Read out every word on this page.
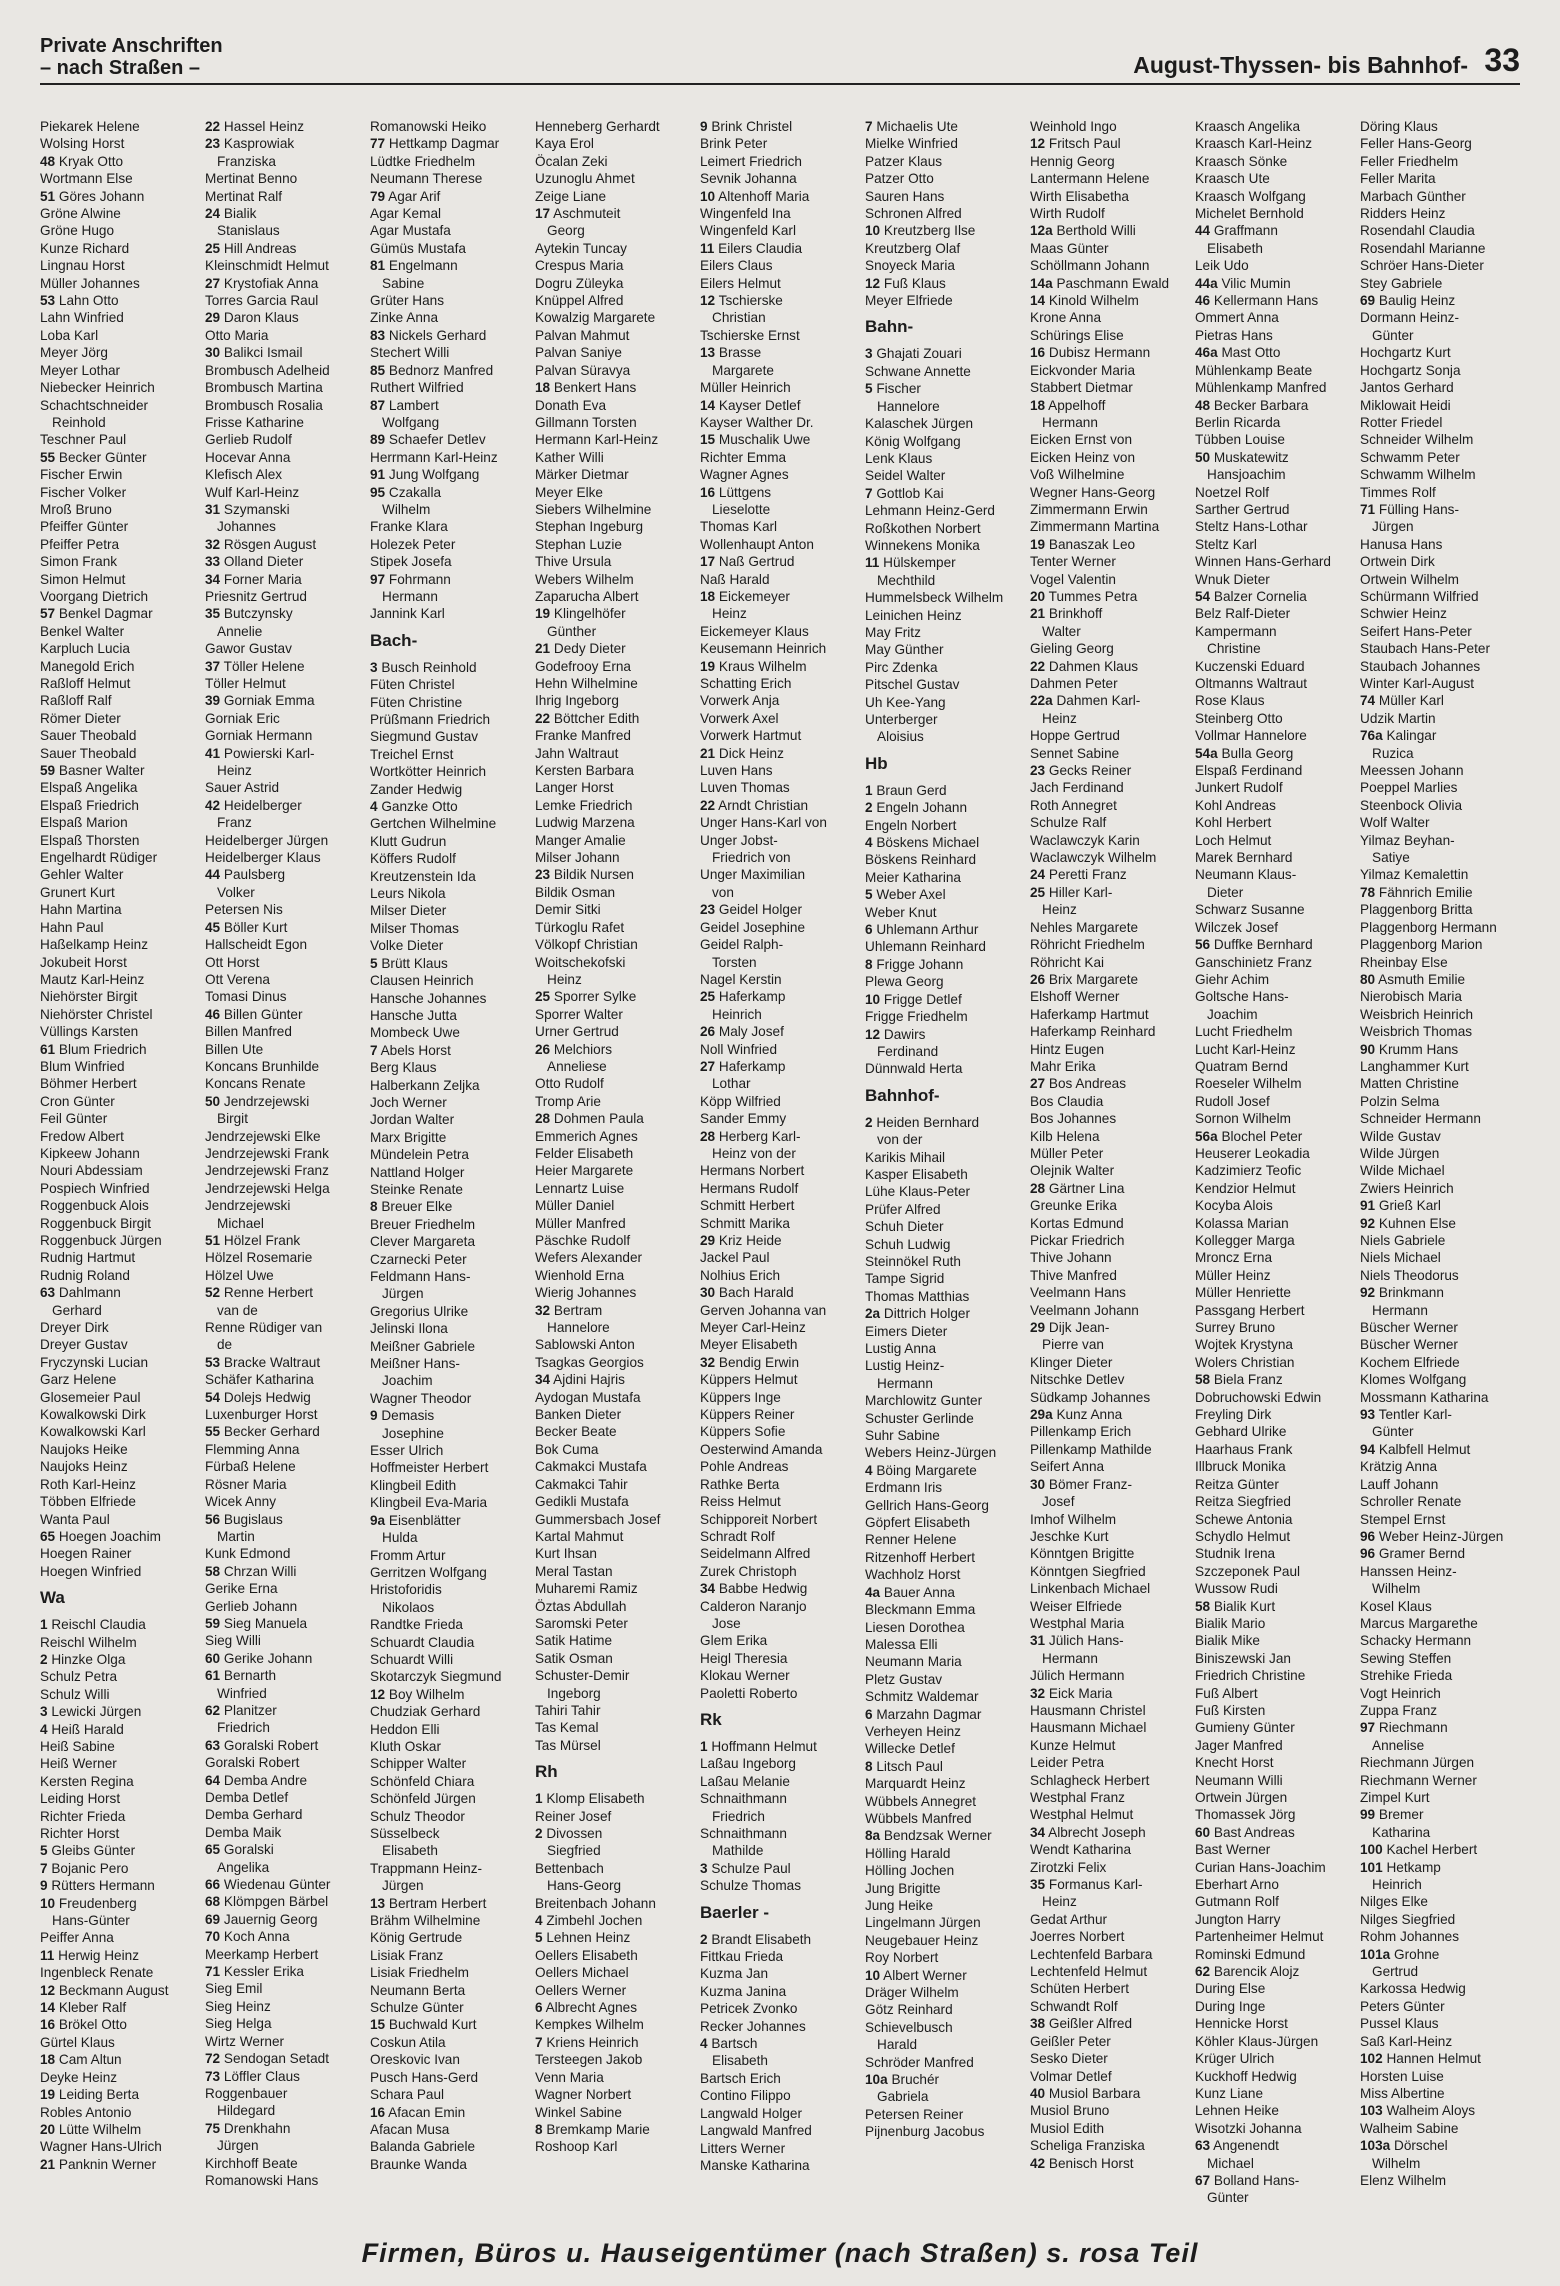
Private Anschriften
– nach Straßen –	August-Thyssen- bis Bahnhof- 33
Piekarek Helene
Wolsing Horst
48 Kryak Otto
Wortmann Else
51 Göres Johann
Gröne Alwine
Gröne Hugo
Kunze Richard
Lingnau Horst
Müller Johannes
53 Lahn Otto
Lahn Winfried
Loba Karl
Meyer Jörg
Meyer Lothar
Niebecker Heinrich
Schachtschneider
Reinhold
Teschner Paul
55 Becker Günter
Fischer Erwin
Fischer Volker
Mroß Bruno
Pfeiffer Günter
Pfeiffer Petra
Simon Frank
Simon Helmut
Voorgang Dietrich
57 Benkel Dagmar
Benkel Walter
Karpluch Lucia
Manegold Erich
Raßloff Helmut
Raßloff Ralf
Römer Dieter
Sauer Theobald
Sauer Theobald
59 Basner Walter
Elspaß Angelika
Elspaß Friedrich
Elspaß Marion
Elspaß Thorsten
Engelhardt Rüdiger
Gehler Walter
Grunert Kurt
Hahn Martina
Hahn Paul
Haßelkamp Heinz
Jokubeit Horst
Mautz Karl-Heinz
Niehörster Birgit
Niehörster Christel
Vüllings Karsten
61 Blum Friedrich
Blum Winfried
Böhmer Herbert
Cron Günter
Feil Günter
Fredow Albert
Kipkeew Johann
Nouri Abdessiam
Pospiech Winfried
Roggenbuck Alois
Roggenbuck Birgit
Roggenbuck Jürgen
Rudnig Hartmut
Rudnig Roland
63 Dahlmann
Gerhard
Dreyer Dirk
Dreyer Gustav
Fryczynski Lucian
Garz Helene
Glosemeier Paul
Kowalkowski Dirk
Kowalkowski Karl
Naujoks Heike
Naujoks Heinz
Roth Karl-Heinz
Többen Elfriede
Wanta Paul
65 Hoegen Joachim
Hoegen Rainer
Hoegen Winfried
Wa
1 Reischl Claudia
Reischl Wilhelm
2 Hinzke Olga
Schulz Petra
Schulz Willi
3 Lewicki Jürgen
4 Heiß Harald
Heiß Sabine
Heiß Werner
Kersten Regina
Leiding Horst
Richter Frieda
Richter Horst
5 Gleibs Günter
7 Bojanic Pero
9 Rütters Hermann
10 Freudenberg
Hans-Günter
Peiffer Anna
11 Herwig Heinz
Ingenbleck Renate
12 Beckmann August
14 Kleber Ralf
16 Brökel Otto
Gürtel Klaus
18 Cam Altun
Deyke Heinz
19 Leiding Berta
Robles Antonio
20 Lütte Wilhelm
Wagner Hans-Ulrich
21 Panknin Werner
22 Hassel Heinz
23 Kasprowiak
Franziska
Mertinat Benno
Mertinat Ralf
24 Bialik
Stanislaus
25 Hill Andreas
Kleinschmidt Helmut
27 Krystofiak Anna
Torres Garcia Raul
29 Daron Klaus
Otto Maria
30 Balikci Ismail
Brombusch Adelheid
Brombusch Martina
Brombusch Rosalia
Frisse Katharine
Gerlieb Rudolf
Hocevar Anna
Klefisch Alex
Wulf Karl-Heinz
31 Szymanski
Johannes
32 Rösgen August
33 Olland Dieter
34 Forner Maria
Priesnitz Gertrud
35 Butczynsky
Annelie
Gawor Gustav
37 Töller Helene
Töller Helmut
39 Gorniak Emma
Gorniak Eric
Gorniak Hermann
41 Powierski Karl-
Heinz
Sauer Astrid
42 Heidelberger
Franz
Heidelberger Jürgen
Heidelberger Klaus
44 Paulsberg
Volker
Petersen Nis
45 Böller Kurt
Hallscheidt Egon
Ott Horst
Ott Verena
Tomasi Dinus
46 Billen Günter
Billen Manfred
Billen Ute
Koncans Brunhilde
Koncans Renate
50 Jendrzejewski
Birgit
Jendrzejewski Elke
Jendrzejewski Frank
Jendrzejewski Franz
Jendrzejewski Helga
Jendrzejewski
Michael
51 Hölzel Frank
Hölzel Rosemarie
Hölzel Uwe
52 Renne Herbert
van de
Renne Rüdiger van
de
53 Bracke Waltraut
Schäfer Katharina
54 Dolejs Hedwig
Luxenburger Horst
55 Becker Gerhard
Flemming Anna
Fürbaß Helene
Rösner Maria
Wicek Anny
56 Bugislaus
Martin
Kunk Edmond
58 Chrzan Willi
Gerike Erna
Gerlieb Johann
59 Sieg Manuela
Sieg Willi
60 Gerike Johann
61 Bernarth
Winfried
62 Planitzer
Friedrich
63 Goralski Robert
Goralski Robert
64 Demba Andre
Demba Detlef
Demba Gerhard
Demba Maik
65 Goralski
Angelika
66 Wiedenau Günter
68 Klömpgen Bärbel
69 Jauernig Georg
70 Koch Anna
Meerkamp Herbert
71 Kessler Erika
Sieg Emil
Sieg Heinz
Sieg Helga
Wirtz Werner
72 Sendogan Setadt
73 Löffler Claus
Roggenbauer
Hildegard
75 Drenkhahn
Jürgen
Kirchhoff Beate
Romanowski Hans
Romanowski Heiko
77 Hettkamp Dagmar
Lüdtke Friedhelm
Neumann Therese
79 Agar Arif
Agar Kemal
Agar Mustafa
Gümüs Mustafa
81 Engelmann
Sabine
Grüter Hans
Zinke Anna
83 Nickels Gerhard
Stechert Willi
85 Bednorz Manfred
Ruthert Wilfried
87 Lambert
Wolfgang
89 Schaefer Detlev
Herrmann Karl-Heinz
91 Jung Wolfgang
95 Czakalla
Wilhelm
Franke Klara
Holezek Peter
Stipek Josefa
97 Fohrmann
Hermann
Jannink Karl
Bach-
3 Busch Reinhold
Füten Christel
Füten Christine
Prüßmann Friedrich
Siegmund Gustav
Treichel Ernst
Wortkötter Heinrich
Zander Hedwig
4 Ganzke Otto
Gertchen Wilhelmine
Klutt Gudrun
Köffers Rudolf
Kreutzenstein Ida
Leurs Nikola
Milser Dieter
Milser Thomas
Volke Dieter
5 Brütt Klaus
Clausen Heinrich
Hansche Johannes
Hansche Jutta
Mombeck Uwe
7 Abels Horst
Berg Klaus
Halberkann Zeljka
Joch Werner
Jordan Walter
Marx Brigitte
Mündelein Petra
Nattland Holger
Steinke Renate
8 Breuer Elke
Breuer Friedhelm
Clever Margareta
Czarnecki Peter
Feldmann Hans-
Jürgen
Gregorius Ulrike
Jelinski Ilona
Meißner Gabriele
Meißner Hans-
Joachim
Wagner Theodor
9 Demasis
Josephine
Esser Ulrich
Hoffmeister Herbert
Klingbeil Edith
Klingbeil Eva-Maria
9a Eisenblätter
Hulda
Fromm Artur
Gerritzen Wolfgang
Hristoforidis
Nikolaos
Randtke Frieda
Schuardt Claudia
Schuardt Willi
Skotarczyk Siegmund
12 Boy Wilhelm
Chudziak Gerhard
Heddon Elli
Kluth Oskar
Schipper Walter
Schönfeld Chiara
Schönfeld Jürgen
Schulz Theodor
Süsselbeck
Elisabeth
Trappmann Heinz-
Jürgen
13 Bertram Herbert
Brähm Wilhelmine
König Gertrude
Lisiak Franz
Lisiak Friedhelm
Neumann Berta
Schulze Günter
15 Buchwald Kurt
Coskun Atila
Oreskovic Ivan
Pusch Hans-Gerd
Schara Paul
16 Afacan Emin
Afacan Musa
Balanda Gabriele
Braunke Wanda
Henneberg Gerhardt
Kaya Erol
Öcalan Zeki
Uzunoglu Ahmet
Zeige Liane
17 Aschmuteit
Georg
Aytekin Tuncay
Crespus Maria
Dogru Züleyka
Knüppel Alfred
Kowalzig Margarete
Palvan Mahmut
Palvan Saniye
Palvan Süravya
18 Benkert Hans
Donath Eva
Gillmann Torsten
Hermann Karl-Heinz
Kather Willi
Märker Dietmar
Meyer Elke
Siebers Wilhelmine
Stephan Ingeburg
Stephan Luzie
Thive Ursula
Webers Wilhelm
Zaparucha Albert
19 Klingelhöfer
Günther
21 Dedy Dieter
Godefrooy Erna
Hehn Wilhelmine
Ihrig Ingeborg
22 Böttcher Edith
Franke Manfred
Jahn Waltraut
Kersten Barbara
Langer Horst
Lemke Friedrich
Ludwig Marzena
Manger Amalie
Milser Johann
23 Bildik Nursen
Bildik Osman
Demir Sitki
Türkoglu Rafet
Völkopf Christian
Woitschekofski
Heinz
25 Sporrer Sylke
Sporrer Walter
Urner Gertrud
26 Melchiors
Anneliese
Otto Rudolf
Tromp Arie
28 Dohmen Paula
Emmerich Agnes
Felder Elisabeth
Heier Margarete
Lennartz Luise
Müller Daniel
Müller Manfred
Päschke Rudolf
Wefers Alexander
Wienhold Erna
Wierig Johannes
32 Bertram
Hannelore
Sablowski Anton
Tsagkas Georgios
34 Ajdini Hajris
Aydogan Mustafa
Banken Dieter
Becker Beate
Bok Cuma
Cakmakci Mustafa
Cakmakci Tahir
Gedikli Mustafa
Gummersbach Josef
Kartal Mahmut
Kurt Ihsan
Meral Tastan
Muharemi Ramiz
Öztas Abdullah
Saromski Peter
Satik Hatime
Satik Osman
Schuster-Demir
Ingeborg
Tahiri Tahir
Tas Kemal
Tas Mürsel
Rh
1 Klomp Elisabeth
Reiner Josef
2 Divossen
Siegfried
Bettenbach
Hans-Georg
Breitenbach Johann
4 Zimbehl Jochen
5 Lehnen Heinz
Oellers Elisabeth
Oellers Michael
Oellers Werner
6 Albrecht Agnes
Kempkes Wilhelm
7 Kriens Heinrich
Tersteegen Jakob
Venn Maria
Wagner Norbert
Winkel Sabine
8 Bremkamp Marie
Roshoop Karl
9 Brink Christel
Brink Peter
Leimert Friedrich
Sevnik Johanna
10 Altenhoff Maria
Wingenfeld Ina
Wingenfeld Karl
11 Eilers Claudia
Eilers Claus
Eilers Helmut
12 Tschierske
Christian
Tschierske Ernst
13 Brasse
Margarete
Müller Heinrich
14 Kayser Detlef
Kayser Walther Dr.
15 Muschalik Uwe
Richter Emma
Wagner Agnes
16 Lüttgens
Lieselotte
Thomas Karl
Wollenhaupt Anton
17 Naß Gertrud
Naß Harald
18 Eickemeyer
Heinz
Eickemeyer Klaus
Keusemann Heinrich
19 Kraus Wilhelm
Schatting Erich
Vorwerk Anja
Vorwerk Axel
Vorwerk Hartmut
21 Dick Heinz
Luven Hans
Luven Thomas
22 Arndt Christian
Unger Hans-Karl von
Unger Jobst-
Friedrich von
Unger Maximilian
von
23 Geidel Holger
Geidel Josephine
Geidel Ralph-
Torsten
Nagel Kerstin
25 Haferkamp
Heinrich
26 Maly Josef
Noll Winfried
27 Haferkamp
Lothar
Köpp Wilfried
Sander Emmy
28 Herberg Karl-
Heinz von der
Hermans Norbert
Hermans Rudolf
Schmitt Herbert
Schmitt Marika
29 Kriz Heide
Jackel Paul
Nolhius Erich
30 Bach Harald
Gerven Johanna van
Meyer Carl-Heinz
Meyer Elisabeth
32 Bendig Erwin
Küppers Helmut
Küppers Inge
Küppers Reiner
Küppers Sofie
Oesterwind Amanda
Pohle Andreas
Rathke Berta
Reiss Helmut
Schipporeit Norbert
Schradt Rolf
Seidelmann Alfred
Zurek Christoph
34 Babbe Hedwig
Calderon Naranjo
Jose
Glem Erika
Heigl Theresia
Klokau Werner
Paoletti Roberto
Rk
1 Hoffmann Helmut
Laßau Ingeborg
Laßau Melanie
Schnaithmann
Friedrich
Schnaithmann
Mathilde
3 Schulze Paul
Schulze Thomas
Baerler -
2 Brandt Elisabeth
Fittkau Frieda
Kuzma Jan
Kuzma Janina
Petricek Zvonko
Recker Johannes
4 Bartsch
Elisabeth
Bartsch Erich
Contino Filippo
Langwald Holger
Langwald Manfred
Litters Werner
Manske Katharina
7 Michaelis Ute
Mielke Winfried
Patzer Klaus
Patzer Otto
Sauren Hans
Schronen Alfred
10 Kreutzberg Ilse
Kreutzberg Olaf
Snoyeck Maria
12 Fuß Klaus
Meyer Elfriede
Bahn-
3 Ghajati Zouari
Schwane Annette
5 Fischer
Hannelore
Kalaschek Jürgen
König Wolfgang
Lenk Klaus
Seidel Walter
7 Gottlob Kai
Lehmann Heinz-Gerd
Roßkothen Norbert
Winnekens Monika
11 Hülskemper
Mechthild
Hummelsbeck Wilhelm
Leinichen Heinz
May Fritz
May Günther
Pirc Zdenka
Pitschel Gustav
Uh Kee-Yang
Unterberger
Aloisius
Hb
1 Braun Gerd
2 Engeln Johann
Engeln Norbert
4 Böskens Michael
Böskens Reinhard
Meier Katharina
5 Weber Axel
Weber Knut
6 Uhlemann Arthur
Uhlemann Reinhard
8 Frigge Johann
Plewa Georg
10 Frigge Detlef
Frigge Friedhelm
12 Dawirs
Ferdinand
Dünnwald Herta
Bahnhof-
2 Heiden Bernhard
von der
Karikis Mihail
Kasper Elisabeth
Lühe Klaus-Peter
Prüfer Alfred
Schuh Dieter
Schuh Ludwig
Steinnökel Ruth
Tampe Sigrid
Thomas Matthias
2a Dittrich Holger
Eimers Dieter
Lustig Anna
Lustig Heinz-
Hermann
Marchlowitz Gunter
Schuster Gerlinde
Suhr Sabine
Webers Heinz-Jürgen
4 Böing Margarete
Erdmann Iris
Gellrich Hans-Georg
Göpfert Elisabeth
Renner Helene
Ritzenhoff Herbert
Wachholz Horst
4a Bauer Anna
Bleckmann Emma
Liesen Dorothea
Malessa Elli
Neumann Maria
Pletz Gustav
Schmitz Waldemar
6 Marzahn Dagmar
Verheyen Heinz
Willecke Detlef
8 Litsch Paul
Marquardt Heinz
Wübbels Annegret
Wübbels Manfred
8a Bendzsak Werner
Hölling Harald
Hölling Jochen
Jung Brigitte
Jung Heike
Lingelmann Jürgen
Neugebauer Heinz
Roy Norbert
10 Albert Werner
Dräger Wilhelm
Götz Reinhard
Schievelbusch
Harald
Schröder Manfred
10a Bruchér
Gabriela
Petersen Reiner
Pijnenburg Jacobus
Weinhold Ingo
12 Fritsch Paul
Hennig Georg
Lantermann Helene
Wirth Elisabetha
Wirth Rudolf
12a Berthold Willi
Maas Günter
Schöllmann Johann
14a Paschmann Ewald
14 Kinold Wilhelm
Krone Anna
Schürings Elise
16 Dubisz Hermann
Eickvonder Maria
Stabbert Dietmar
18 Appelhoff
Hermann
Eicken Ernst von
Eicken Heinz von
Voß Wilhelmine
Wegner Hans-Georg
Zimmermann Erwin
Zimmermann Martina
19 Banaszak Leo
Tenter Werner
Vogel Valentin
20 Tummes Petra
21 Brinkhoff
Walter
Gieling Georg
22 Dahmen Klaus
Dahmen Peter
22a Dahmen Karl-
Heinz
Hoppe Gertrud
Sennet Sabine
23 Gecks Reiner
Jach Ferdinand
Roth Annegret
Schulze Ralf
Waclawczyk Karin
Waclawczyk Wilhelm
24 Peretti Franz
25 Hiller Karl-
Heinz
Nehles Margarete
Röhricht Friedhelm
Röhricht Kai
26 Brix Margarete
Elshoff Werner
Haferkamp Hartmut
Haferkamp Reinhard
Hintz Eugen
Mahr Erika
27 Bos Andreas
Bos Claudia
Bos Johannes
Kilb Helena
Müller Peter
Olejnik Walter
28 Gärtner Lina
Greunke Erika
Kortas Edmund
Pickar Friedrich
Thive Johann
Thive Manfred
Veelmann Hans
Veelmann Johann
29 Dijk Jean-
Pierre van
Klinger Dieter
Nitschke Detlev
Südkamp Johannes
29a Kunz Anna
Pillenkamp Erich
Pillenkamp Mathilde
Seifert Anna
30 Bömer Franz-
Josef
Imhof Wilhelm
Jeschke Kurt
Könntgen Brigitte
Könntgen Siegfried
Linkenbach Michael
Weiser Elfriede
Westphal Maria
31 Jülich Hans-
Hermann
Jülich Hermann
32 Eick Maria
Hausmann Christel
Hausmann Michael
Kunze Helmut
Leider Petra
Schlagheck Herbert
Westphal Franz
Westphal Helmut
34 Albrecht Joseph
Wendt Katharina
Zirotzki Felix
35 Formanus Karl-
Heinz
Gedat Arthur
Joerres Norbert
Lechtenfeld Barbara
Lechtenfeld Helmut
Schüten Herbert
Schwandt Rolf
38 Geißler Alfred
Geißler Peter
Sesko Dieter
Volmar Detlef
40 Musiol Barbara
Musiol Bruno
Musiol Edith
Scheliga Franziska
42 Benisch Horst
Kraasch Angelika
Kraasch Karl-Heinz
Kraasch Sönke
Kraasch Ute
Kraasch Wolfgang
Michelet Bernhold
44 Graffmann
Elisabeth
Leik Udo
44a Vilic Mumin
46 Kellermann Hans
Ommert Anna
Pietras Hans
46a Mast Otto
Mühlenkamp Beate
Mühlenkamp Manfred
48 Becker Barbara
Berlin Ricarda
Tübben Louise
50 Muskatewitz
Hansjoachim
Noetzel Rolf
Sarther Gertrud
Steltz Hans-Lothar
Steltz Karl
Winnen Hans-Gerhard
Wnuk Dieter
54 Balzer Cornelia
Belz Ralf-Dieter
Kampermann
Christine
Kuczenski Eduard
Oltmanns Waltraut
Rose Klaus
Steinberg Otto
Vollmar Hannelore
54a Bulla Georg
Elspaß Ferdinand
Junkert Rudolf
Kohl Andreas
Kohl Herbert
Loch Helmut
Marek Bernhard
Neumann Klaus-
Dieter
Schwarz Susanne
Wilczek Josef
56 Duffke Bernhard
Ganschinietz Franz
Giehr Achim
Goltsche Hans-
Joachim
Lucht Friedhelm
Lucht Karl-Heinz
Quatram Bernd
Roeseler Wilhelm
Rudoll Josef
Sornon Wilhelm
56a Blochel Peter
Heuserer Leokadia
Kadzimierz Teofic
Kendzior Helmut
Kocyba Alois
Kolassa Marian
Kollegger Marga
Mroncz Erna
Müller Heinz
Müller Henriette
Passgang Herbert
Surrey Bruno
Wojtek Krystyna
Wolers Christian
58 Biela Franz
Dobruchowski Edwin
Freyling Dirk
Gebhard Ulrike
Haarhaus Frank
Illbruck Monika
Reitza Günter
Reitza Siegfried
Schewe Antonia
Schydlo Helmut
Studnik Irena
Szczeponek Paul
Wussow Rudi
58 Bialik Kurt
Bialik Mario
Bialik Mike
Biniszewski Jan
Friedrich Christine
Fuß Albert
Fuß Kirsten
Gumieny Günter
Jager Manfred
Knecht Horst
Neumann Willi
Ortwein Jürgen
Thomassek Jörg
60 Bast Andreas
Bast Werner
Curian Hans-Joachim
Eberhart Arno
Gutmann Rolf
Jungton Harry
Partenheimer Helmut
Rominski Edmund
62 Barencik Alojz
During Else
During Inge
Hennicke Horst
Köhler Klaus-Jürgen
Krüger Ulrich
Kuckhoff Hedwig
Kunz Liane
Lehnen Heike
Wisotzki Johanna
63 Angenendt
Michael
67 Bolland Hans-
Günter
Döring Klaus
Feller Hans-Georg
Feller Friedhelm
Feller Marita
Marbach Günther
Ridders Heinz
Rosendahl Claudia
Rosendahl Marianne
Schröer Hans-Dieter
Stey Gabriele
69 Baulig Heinz
Dormann Heinz-
Günter
Hochgartz Kurt
Hochgartz Sonja
Jantos Gerhard
Miklowait Heidi
Rotter Friedel
Schneider Wilhelm
Schwamm Peter
Schwamm Wilhelm
Timmes Rolf
71 Fülling Hans-
Jürgen
Hanusa Hans
Ortwein Dirk
Ortwein Wilhelm
Schürmann Wilfried
Schwier Heinz
Seifert Hans-Peter
Staubach Hans-Peter
Staubach Johannes
Winter Karl-August
74 Müller Karl
Udzik Martin
76a Kalingar
Ruzica
Meessen Johann
Poeppel Marlies
Steenbock Olivia
Wolf Walter
Yilmaz Beyhan-
Satiye
Yilmaz Kemalettin
78 Fähnrich Emilie
Plaggenborg Britta
Plaggenborg Hermann
Plaggenborg Marion
Rheinbay Else
80 Asmuth Emilie
Nierobisch Maria
Weisbrich Heinrich
Weisbrich Thomas
90 Krumm Hans
Langhammer Kurt
Matten Christine
Polzin Selma
Schneider Hermann
Wilde Gustav
Wilde Jürgen
Wilde Michael
Zwiers Heinrich
91 Grieß Karl
92 Kuhnen Else
Niels Gabriele
Niels Michael
Niels Theodorus
92 Brinkmann
Hermann
Büscher Werner
Büscher Werner
Kochem Elfriede
Klomes Wolfgang
Mossmann Katharina
93 Tentler Karl-
Günter
94 Kalbfell Helmut
Krätzig Anna
Lauff Johann
Schroller Renate
Stempel Ernst
96 Weber Heinz-Jürgen
96 Gramer Bernd
Hanssen Heinz-
Wilhelm
Kosel Klaus
Marcus Margarethe
Schacky Hermann
Sewing Steffen
Strehike Frieda
Vogt Heinrich
Zuppa Franz
97 Riechmann
Annelise
Riechmann Jürgen
Riechmann Werner
Zimpel Kurt
99 Bremer
Katharina
100 Kachel Herbert
101 Hetkamp
Heinrich
Nilges Elke
Nilges Siegfried
Rohm Johannes
101a Grohne
Gertrud
Karkossa Hedwig
Peters Günter
Pussel Klaus
Saß Karl-Heinz
102 Hannen Helmut
Horsten Luise
Miss Albertine
103 Walheim Aloys
Walheim Sabine
103a Dörschel
Wilhelm
Elenz Wilhelm
Firmen, Büros u. Hauseigentümer (nach Straßen) s. rosa Teil
